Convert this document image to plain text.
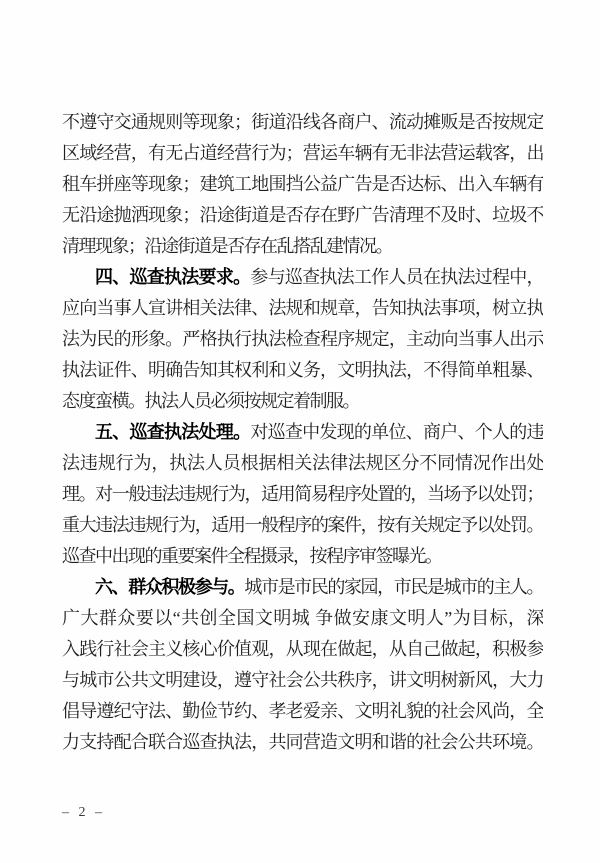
不遵守交通规则等现象；街道沿线各商户、流动摊贩是否按规定
区域经营，有无占道经营行为；营运车辆有无非法营运载客，出
租车拼座等现象；建筑工地围挡公益广告是否达标、出入车辆有
无沿途抛洒现象；沿途街道是否存在野广告清理不及时、垃圾不
清理现象；沿途街道是否存在乱搭乱建情况。
四、巡查执法要求。参与巡查执法工作人员在执法过程中，
应向当事人宣讲相关法律、法规和规章，告知执法事项，树立执
法为民的形象。严格执行执法检查程序规定，主动向当事人出示
执法证件、明确告知其权利和义务，文明执法，不得简单粗暴、
态度蛮横。执法人员必须按规定着制服。
五、巡查执法处理。对巡查中发现的单位、商户、个人的违
法违规行为，执法人员根据相关法律法规区分不同情况作出处
理。对一般违法违规行为，适用简易程序处置的，当场予以处罚；
重大违法违规行为，适用一般程序的案件，按有关规定予以处罚。
巡查中出现的重要案件全程摄录，按程序审签曝光。
六、群众积极参与。城市是市民的家园，市民是城市的主人。
广大群众要以“共创全国文明城 争做安康文明人”为目标，深
入践行社会主义核心价值观，从现在做起，从自己做起，积极参
与城市公共文明建设，遵守社会公共秩序，讲文明树新风，大力
倡导遵纪守法、勤俭节约、孝老爱亲、文明礼貌的社会风尚，全
力支持配合联合巡查执法，共同营造文明和谐的社会公共环境。
– 2 –
